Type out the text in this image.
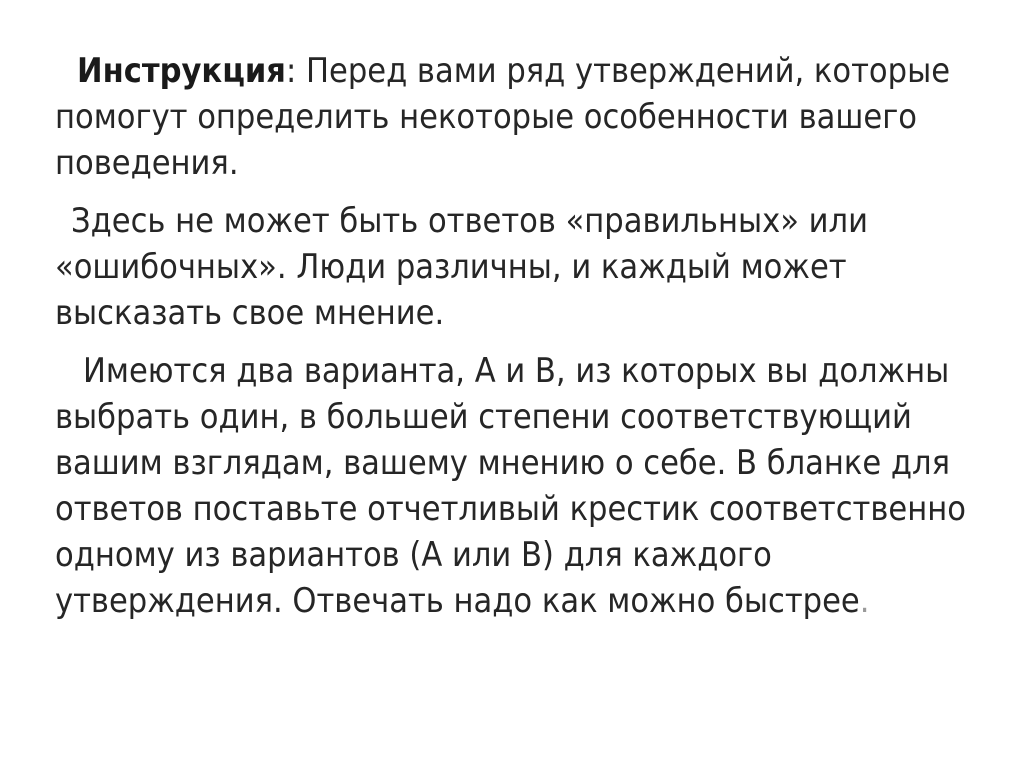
Инструкция: Перед вами ряд утверждений, которые помогут определить некоторые особенности вашего поведения.

Здесь не может быть ответов «правильных» или «ошибочных». Люди различны, и каждый может высказать свое мнение.

Имеются два варианта, А и В, из которых вы должны выбрать один, в большей степени соответствующий вашим взглядам, вашему мнению о себе. В бланке для ответов поставьте отчетливый крестик соответственно одному из вариантов (А или В) для каждого утверждения. Отвечать надо как можно быстрее.
